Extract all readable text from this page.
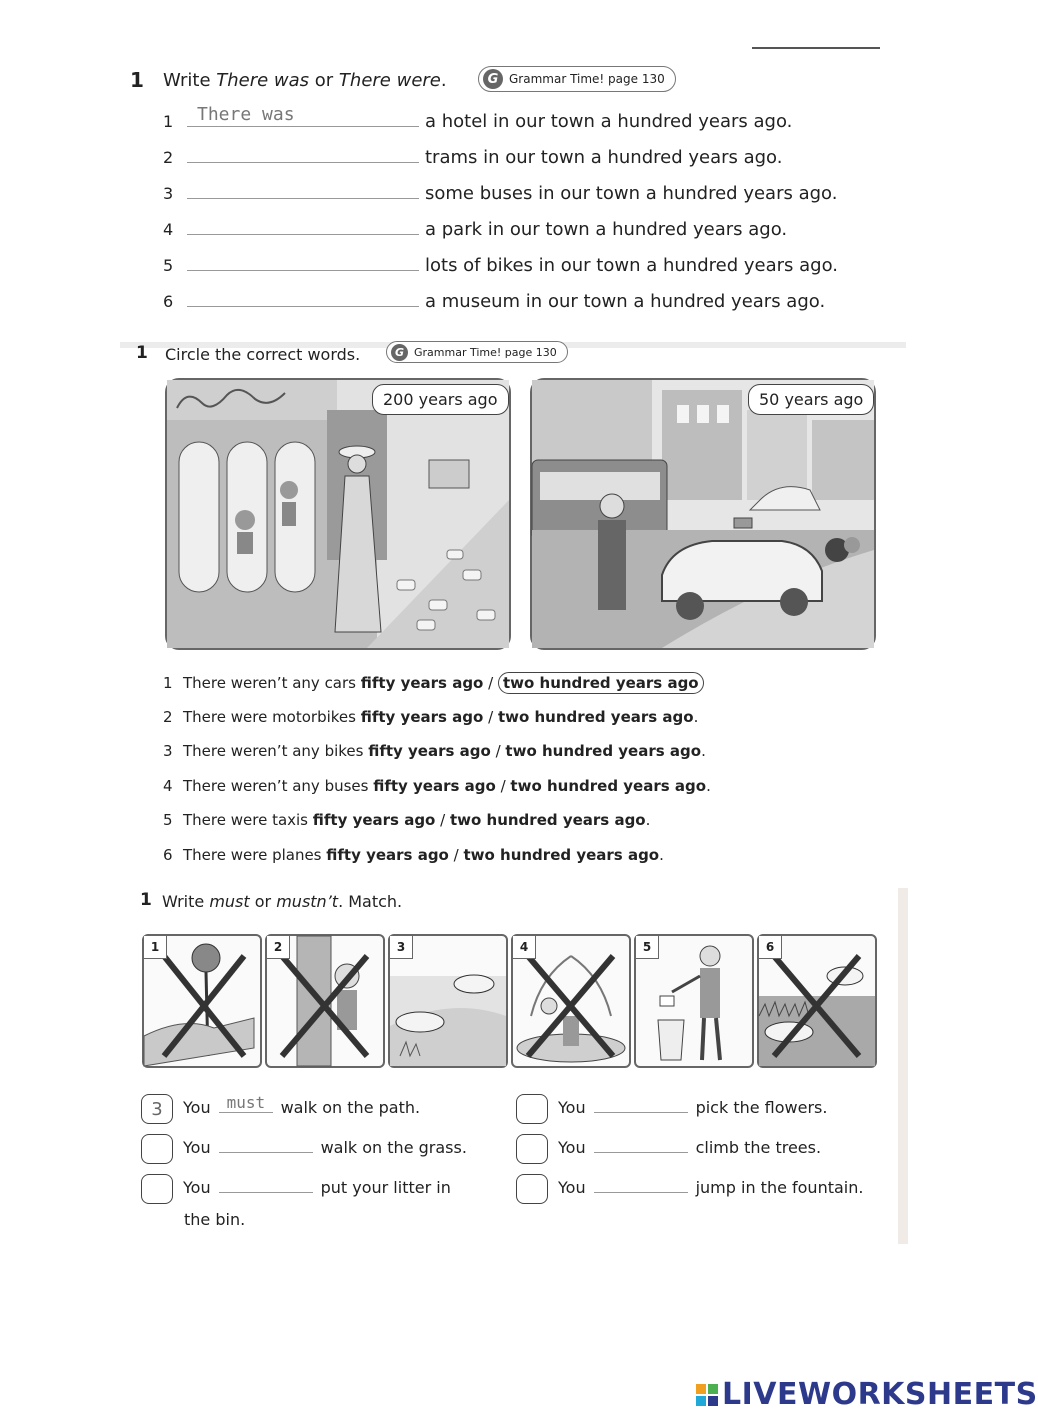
1 Write There was or There were.	G Grammar Time! page 130
1	There was	a hotel in our town a hundred years ago.
2	trams in our town a hundred years ago.
3	some buses in our town a hundred years ago.
4	a park in our town a hundred years ago.
5	lots of bikes in our town a hundred years ago.
6	a museum in our town a hundred years ago.
1 Circle the correct words.	G Grammar Time! page 130
200 years ago	50 years ago
1 There weren’t any cars fifty years ago / two hundred years ago
2 There were motorbikes fifty years ago / two hundred years ago.
3 There weren’t any bikes fifty years ago / two hundred years ago.
4 There weren’t any buses fifty years ago / two hundred years ago.
5 There were taxis fifty years ago / two hundred years ago.
6 There were planes fifty years ago / two hundred years ago.
1 Write must or mustn’t. Match.
1	2	3	4	5	6
3	You must walk on the path.
You	walk on the grass.
You	put your litter in
the bin.
You	pick the flowers.
You	climb the trees.
You	jump in the fountain.
LIVEWORKSHEETS
